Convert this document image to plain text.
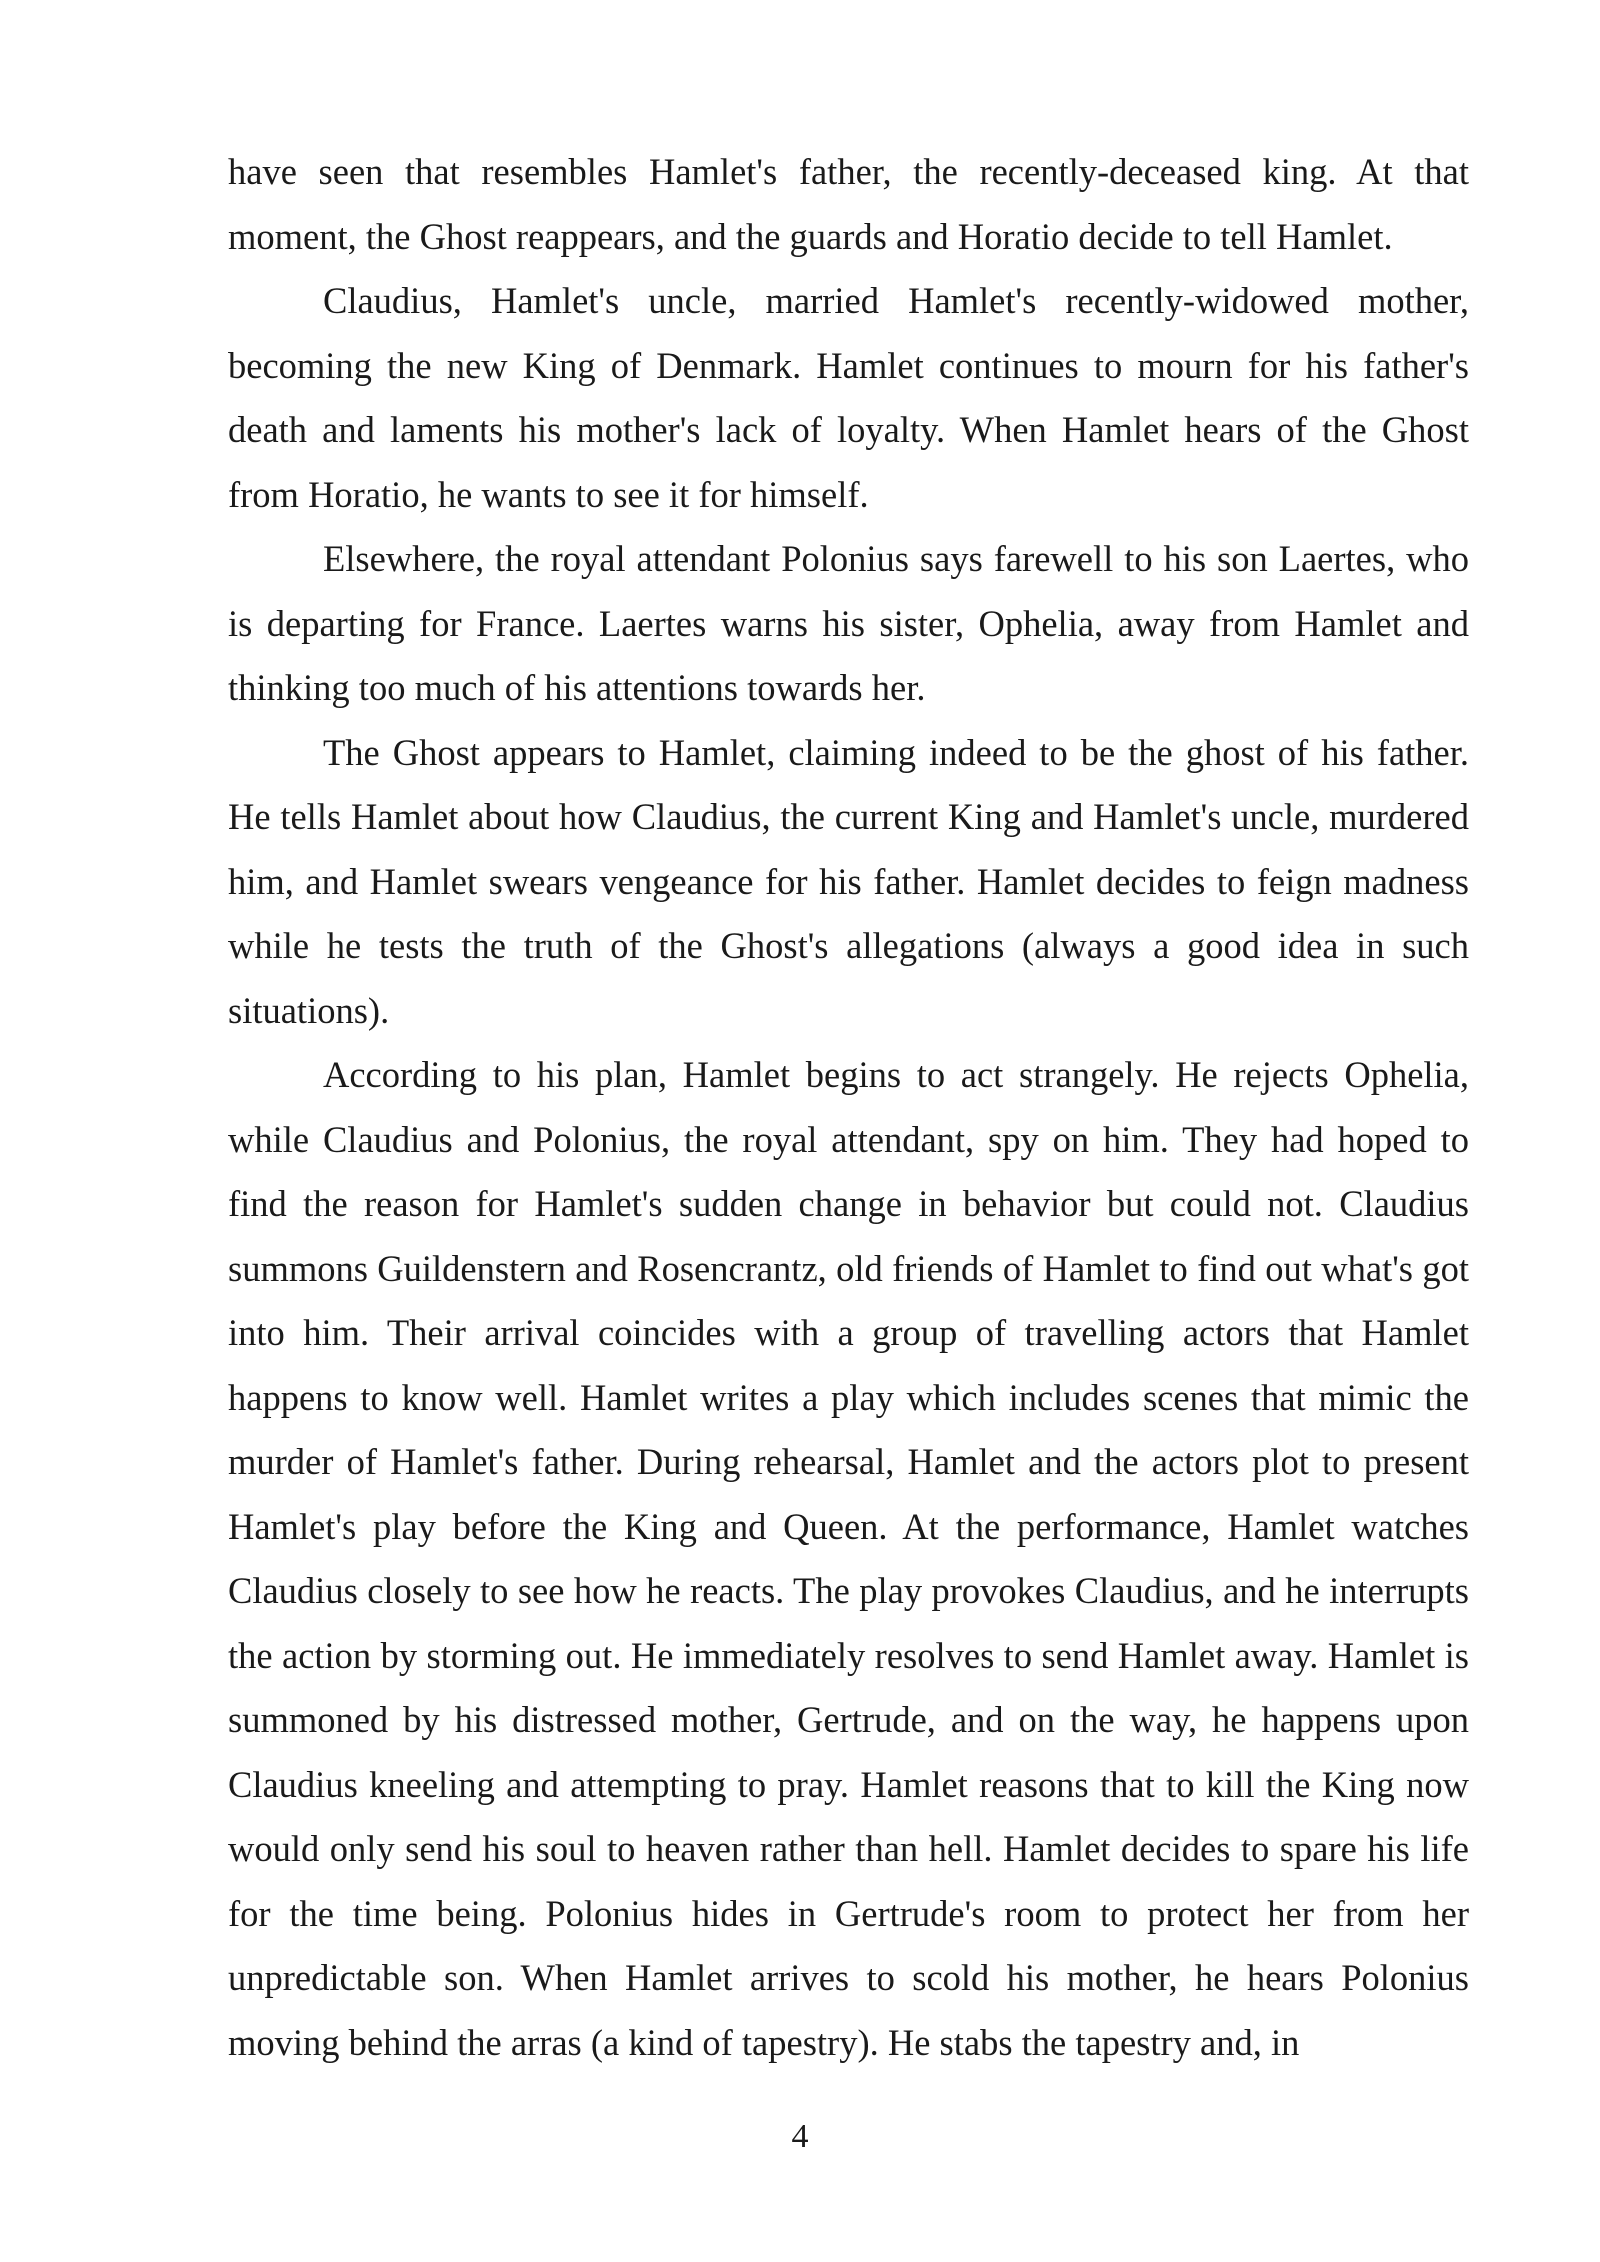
have seen that resembles Hamlet's father, the recently-deceased king. At that moment, the Ghost reappears, and the guards and Horatio decide to tell Hamlet.

Claudius, Hamlet's uncle, married Hamlet's recently-widowed mother, becoming the new King of Denmark. Hamlet continues to mourn for his father's death and laments his mother's lack of loyalty. When Hamlet hears of the Ghost from Horatio, he wants to see it for himself.

Elsewhere, the royal attendant Polonius says farewell to his son Laertes, who is departing for France. Laertes warns his sister, Ophelia, away from Hamlet and thinking too much of his attentions towards her.

The Ghost appears to Hamlet, claiming indeed to be the ghost of his father. He tells Hamlet about how Claudius, the current King and Hamlet's uncle, murdered him, and Hamlet swears vengeance for his father. Hamlet decides to feign madness while he tests the truth of the Ghost's allegations (always a good idea in such situations).

According to his plan, Hamlet begins to act strangely. He rejects Ophelia, while Claudius and Polonius, the royal attendant, spy on him. They had hoped to find the reason for Hamlet's sudden change in behavior but could not. Claudius summons Guildenstern and Rosencrantz, old friends of Hamlet to find out what's got into him. Their arrival coincides with a group of travelling actors that Hamlet happens to know well. Hamlet writes a play which includes scenes that mimic the murder of Hamlet's father. During rehearsal, Hamlet and the actors plot to present Hamlet's play before the King and Queen. At the performance, Hamlet watches Claudius closely to see how he reacts. The play provokes Claudius, and he interrupts the action by storming out. He immediately resolves to send Hamlet away. Hamlet is summoned by his distressed mother, Gertrude, and on the way, he happens upon Claudius kneeling and attempting to pray. Hamlet reasons that to kill the King now would only send his soul to heaven rather than hell. Hamlet decides to spare his life for the time being. Polonius hides in Gertrude's room to protect her from her unpredictable son. When Hamlet arrives to scold his mother, he hears Polonius moving behind the arras (a kind of tapestry). He stabs the tapestry and, in

4
